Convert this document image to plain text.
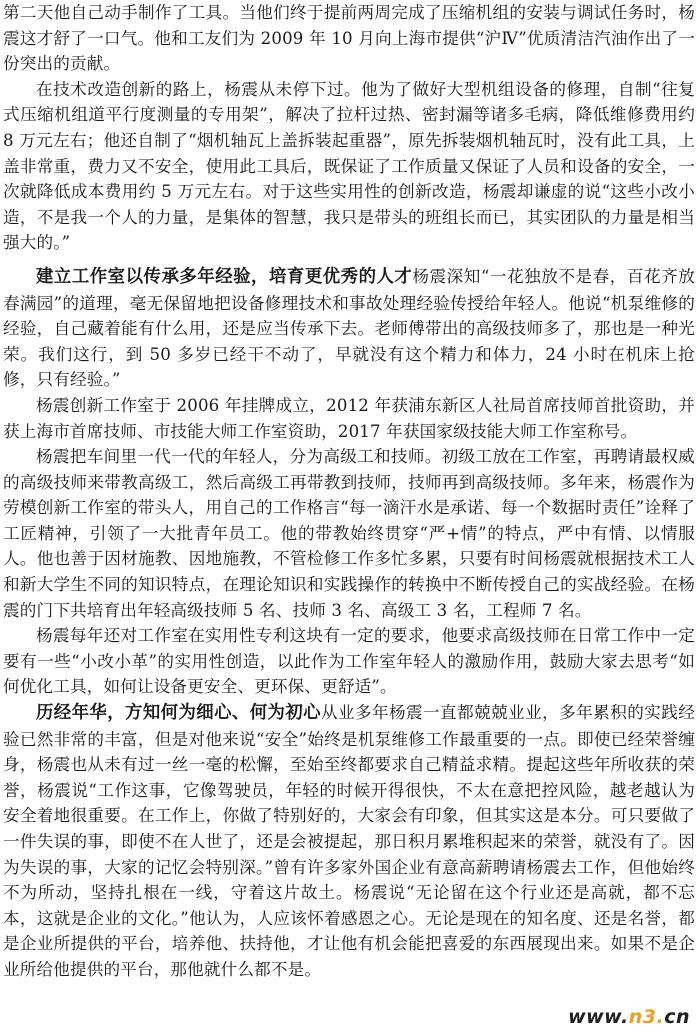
第二天他自己动手制作了工具。当他们终于提前两周完成了压缩机组的安装与调试任务时，杨震这才舒了一口气。他和工友们为 2009 年 10 月向上海市提供“沪Ⅳ”优质清洁汽油作出了一份突出的贡献。

在技术改造创新的路上，杨震从未停下过。他为了做好大型机组设备的修理，自制“往复式压缩机组道平行度测量的专用架”，解决了拉杆过热、密封漏等诸多毛病，降低维修费用约 8 万元左右；他还自制了“烟机轴瓦上盖拆装起重器”，原先拆装烟机轴瓦时，没有此工具，上盖非常重，费力又不安全，使用此工具后，既保证了工作质量又保证了人员和设备的安全，一次就降低成本费用约 5 万元左右。对于这些实用性的创新改造，杨震却谦虚的说“这些小改小造，不是我一个人的力量，是集体的智慧，我只是带头的班组长而已，其实团队的力量是相当强大的。”

建立工作室以传承多年经验，培育更优秀的人才杨震深知“一花独放不是春，百花齐放春满园”的道理，毫无保留地把设备修理技术和事故处理经验传授给年轻人。他说“机泵维修的经验，自己藏着能有什么用，还是应当传承下去。老师傅带出的高级技师多了，那也是一种光荣。我们这行，到 50 多岁已经干不动了，早就没有这个精力和体力，24 小时在机床上抢修，只有经验。”

杨震创新工作室于 2006 年挂牌成立，2012 年获浦东新区人社局首席技师首批资助，并获上海市首席技师、市技能大师工作室资助，2017 年获国家级技能大师工作室称号。

杨震把车间里一代一代的年轻人，分为高级工和技师。初级工放在工作室，再聘请最权威的高级技师来带教高级工，然后高级工再带教到技师，技师再到高级技师。多年来，杨震作为劳模创新工作室的带头人，用自己的工作格言“每一滴汗水是承诺、每一个数据时责任”诠释了工匠精神，引领了一大批青年员工。他的带教始终贯穿“严+情”的特点，严中有情、以情服人。他也善于因材施教、因地施教，不管检修工作多忙多累，只要有时间杨震就根据技术工人和新大学生不同的知识特点，在理论知识和实践操作的转换中不断传授自己的实战经验。在杨震的门下共培育出年轻高级技师 5 名、技师 3 名、高级工 3 名，工程师 7 名。

杨震每年还对工作室在实用性专利这块有一定的要求，他要求高级技师在日常工作中一定要有一些“小改小革”的实用性创造，以此作为工作室年轻人的激励作用，鼓励大家去思考“如何优化工具，如何让设备更安全、更环保、更舒适”。

历经年华，方知何为细心、何为初心从业多年杨震一直都兢兢业业，多年累积的实践经验已然非常的丰富，但是对他来说“安全”始终是机泵维修工作最重要的一点。即使已经荣誉缠身，杨震也从未有过一丝一毫的松懈，至始至终都要求自己精益求精。提起这些年所收获的荣誉，杨震说“工作这事，它像驾驶员，年轻的时候开得很快，不太在意把控风险，越老越认为安全着地很重要。在工作上，你做了特别好的，大家会有印象，但其实这是本分。可只要做了一件失误的事，即使不在人世了，还是会被提起，那日积月累堆积起来的荣誉，就没有了。因为失误的事，大家的记忆会特别深。”曾有许多家外国企业有意高薪聘请杨震去工作，但他始终不为所动，坚持扎根在一线，守着这片故土。杨震说“无论留在这个行业还是高就，都不忘本，这就是企业的文化。”他认为，人应该怀着感恩之心。无论是现在的知名度、还是名誉，都是企业所提供的平台，培养他、扶持他，才让他有机会能把喜爱的东西展现出来。如果不是企业所给他提供的平台，那他就什么都不是。

www.n3.cn
